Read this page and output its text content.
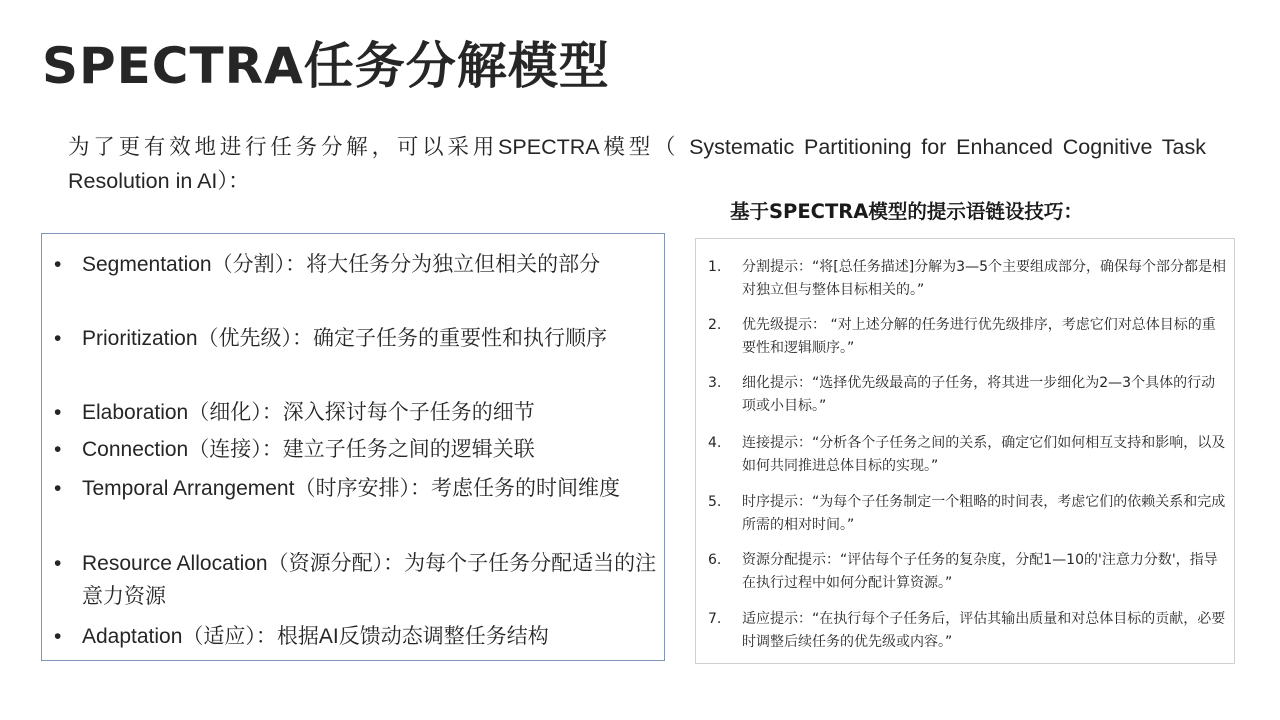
SPECTRA任务分解模型
为了更有效地进行任务分解，可以采用SPECTRA模型（ Systematic Partitioning for Enhanced Cognitive Task Resolution in AI）：
• Segmentation（分割）：将大任务分为独立但相关的部分
• Prioritization（优先级）：确定子任务的重要性和执行顺序
• Elaboration（细化）：深入探讨每个子任务的细节
• Connection（连接）：建立子任务之间的逻辑关联
• Temporal Arrangement（时序安排）：考虑任务的时间维度
• Resource Allocation（资源分配）：为每个子任务分配适当的注意力资源
• Adaptation（适应）：根据AI反馈动态调整任务结构
基于SPECTRA模型的提示语链设技巧：
1.	分割提示：“将[总任务描述]分解为3—5个主要组成部分，确保每个部分都是相对独立但与整体目标相关的。”
2.	优先级提示： “对上述分解的任务进行优先级排序，考虑它们对总体目标的重要性和逻辑顺序。”
3.	细化提示：“选择优先级最高的子任务，将其进一步细化为2—3个具体的行动项或小目标。”
4.	连接提示：“分析各个子任务之间的关系，确定它们如何相互支持和影响，以及如何共同推进总体目标的实现。”
5.	时序提示：“为每个子任务制定一个粗略的时间表，考虑它们的依赖关系和完成所需的相对时间。”
6.	资源分配提示：“评估每个子任务的复杂度，分配1—10的'注意力分数'，指导在执行过程中如何分配计算资源。”
7.	适应提示：“在执行每个子任务后，评估其输出质量和对总体目标的贡献，必要时调整后续任务的优先级或内容。”
